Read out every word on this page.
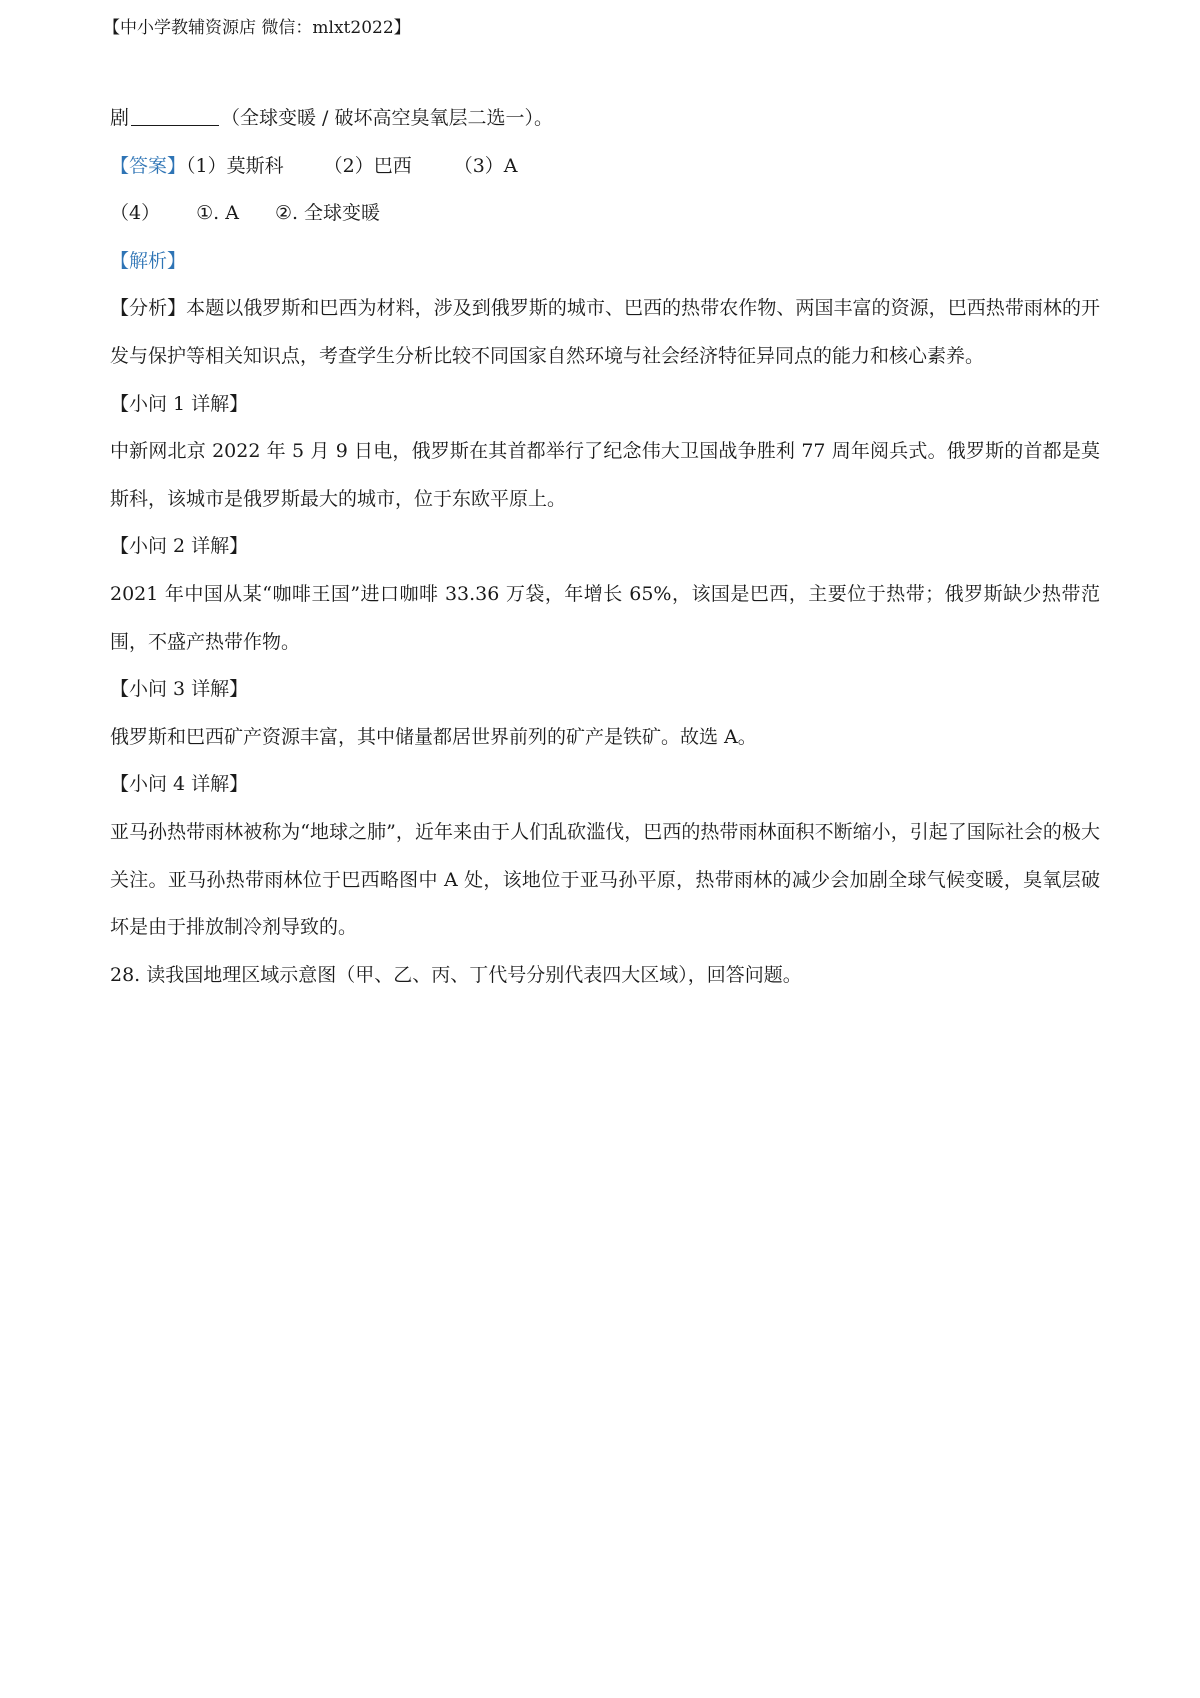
【中小学教辅资源店 微信：mlxt2022】
剧	（全球变暖 / 破坏高空臭氧层二选一）。
【答案】（1）莫斯科 （2）巴西 （3）A
（4） ①. A ②. 全球变暖
【解析】
【分析】本题以俄罗斯和巴西为材料，涉及到俄罗斯的城市、巴西的热带农作物、两国丰富的资源，巴西热带雨林的开发与保护等相关知识点，考查学生分析比较不同国家自然环境与社会经济特征异同点的能力和核心素养。
【小问 1 详解】
中新网北京 2022 年 5 月 9 日电，俄罗斯在其首都举行了纪念伟大卫国战争胜利 77 周年阅兵式。俄罗斯的首都是莫斯科，该城市是俄罗斯最大的城市，位于东欧平原上。
【小问 2 详解】
2021 年中国从某“咖啡王国”进口咖啡 33.36 万袋，年增长 65%，该国是巴西，主要位于热带；俄罗斯缺少热带范围，不盛产热带作物。
【小问 3 详解】
俄罗斯和巴西矿产资源丰富，其中储量都居世界前列的矿产是铁矿。故选 A。
【小问 4 详解】
亚马孙热带雨林被称为“地球之肺”，近年来由于人们乱砍滥伐，巴西的热带雨林面积不断缩小，引起了国际社会的极大关注。亚马孙热带雨林位于巴西略图中 A 处，该地位于亚马孙平原，热带雨林的减少会加剧全球气候变暖，臭氧层破坏是由于排放制冷剂导致的。
28. 读我国地理区域示意图（甲、乙、丙、丁代号分别代表四大区域），回答问题。
